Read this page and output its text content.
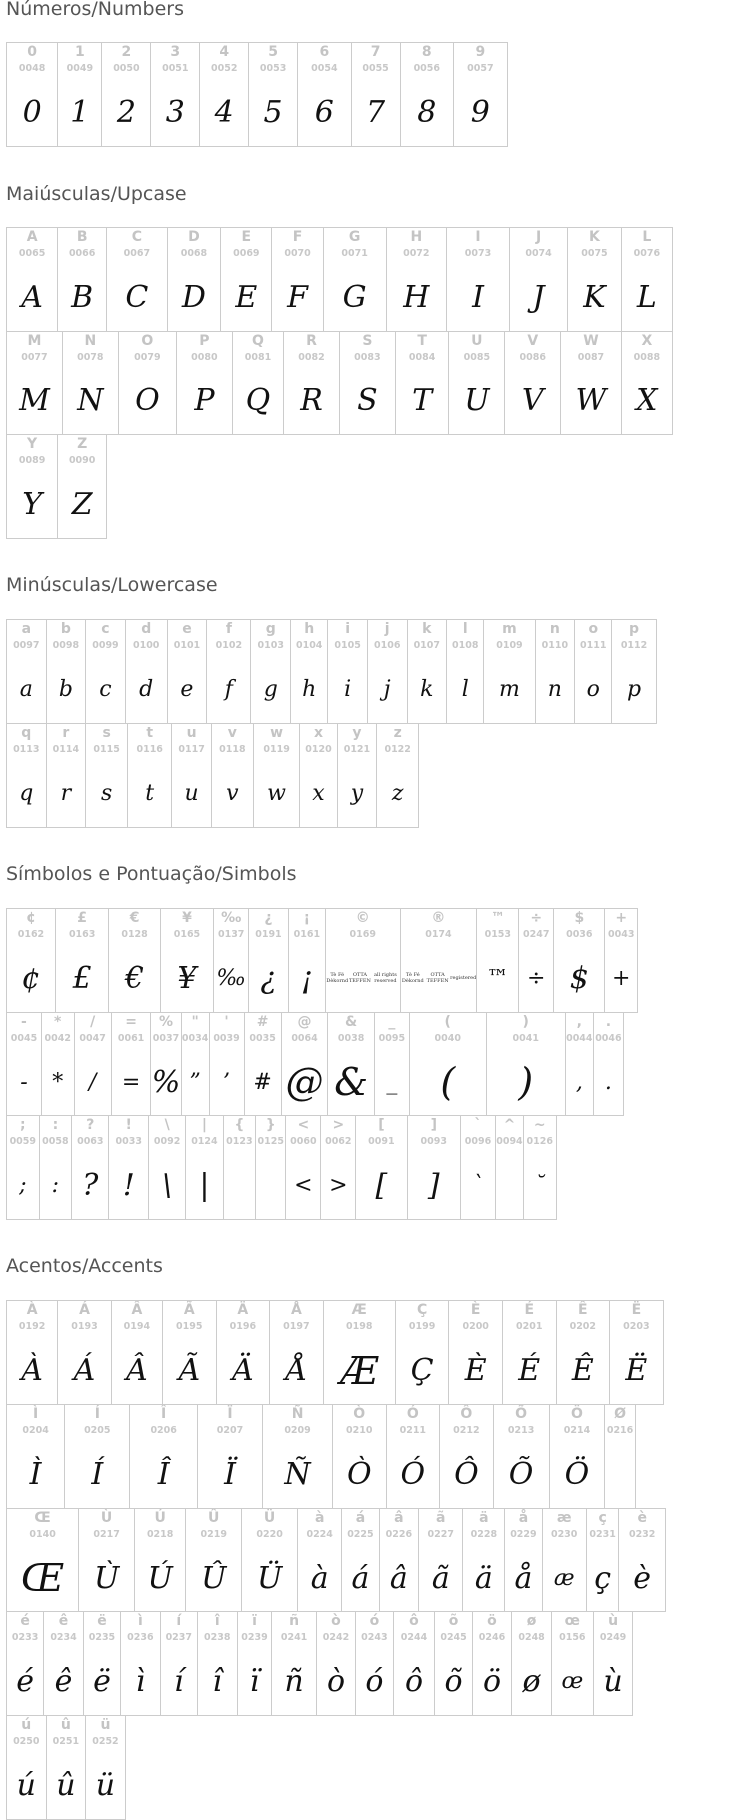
Números/Numbers
0
0048
0
1
0049
1
2
0050
2
3
0051
3
4
0052
4
5
0053
5
6
0054
6
7
0055
7
8
0056
8
9
0057
9
Maiúsculas/Upcase
A
0065
A
B
0066
B
C
0067
C
D
0068
D
E
0069
E
F
0070
F
G
0071
G
H
0072
H
I
0073
I
J
0074
J
K
0075
K
L
0076
L
M
0077
M
N
0078
N
O
0079
O
P
0080
P
Q
0081
Q
R
0082
R
S
0083
S
T
0084
T
U
0085
U
V
0086
V
W
0087
W
X
0088
X
Y
0089
Y
Z
0090
Z
Minúsculas/Lowercase
a
0097
a
b
0098
b
c
0099
c
d
0100
d
e
0101
e
f
0102
f
g
0103
g
h
0104
h
i
0105
i
j
0106
j
k
0107
k
l
0108
l
m
0109
m
n
0110
n
o
0111
o
p
0112
p
q
0113
q
r
0114
r
s
0115
s
t
0116
t
u
0117
u
v
0118
v
w
0119
w
x
0120
x
y
0121
y
z
0122
z
Símbolos e Pontuação/Simbols
¢
0162
¢
£
0163
£
€
0128
€
¥
0165
¥
‰
0137
‰
¿
0191
¿
¡
0161
¡
©
0169
Tè Fé Dèkornd
OTTA TEFFEN
all rights reserved
®
0174
Tè Fé Dèkornd
OTTA TEFFEN registered
™
0153
™
÷
0247
÷
$
0036
$
+
0043
+
-
0045
-
*
0042
*
/
0047
/
=
0061
=
%
0037
%
"
0034
”
'
0039
’
#
0035
#
@
0064
@
&
0038
&
_
0095
_
(
0040
(
)
0041
)
,
0044
,
.
0046
.
;
0059
;
:
0058
:
?
0063
?
!
0033
!
\
0092
\
|
0124
|
{
0123
}
0125
<
0060
<
>
0062
>
[
0091
[
]
0093
]
`
0096
`
^
0094
~
0126
˘
Acentos/Accents
À
0192
À
Á
0193
Á
Â
0194
Â
Ã
0195
Ã
Ä
0196
Ä
Å
0197
Å
Æ
0198
Æ
Ç
0199
Ç
È
0200
È
É
0201
É
Ê
0202
Ê
Ë
0203
Ë
Ì
0204
Ì
Í
0205
Í
Î
0206
Î
Ï
0207
Ï
Ñ
0209
Ñ
Ò
0210
Ò
Ó
0211
Ó
Ô
0212
Ô
Õ
0213
Õ
Ö
0214
Ö
Ø
0216
Œ
0140
Œ
Ù
0217
Ù
Ú
0218
Ú
Û
0219
Û
Ü
0220
Ü
à
0224
à
á
0225
á
â
0226
â
ã
0227
ã
ä
0228
ä
å
0229
å
æ
0230
æ
ç
0231
ç
è
0232
è
é
0233
é
ê
0234
ê
ë
0235
ë
ì
0236
ì
í
0237
í
î
0238
î
ï
0239
ï
ñ
0241
ñ
ò
0242
ò
ó
0243
ó
ô
0244
ô
õ
0245
õ
ö
0246
ö
ø
0248
ø
œ
0156
œ
ù
0249
ù
ú
0250
ú
û
0251
û
ü
0252
ü
